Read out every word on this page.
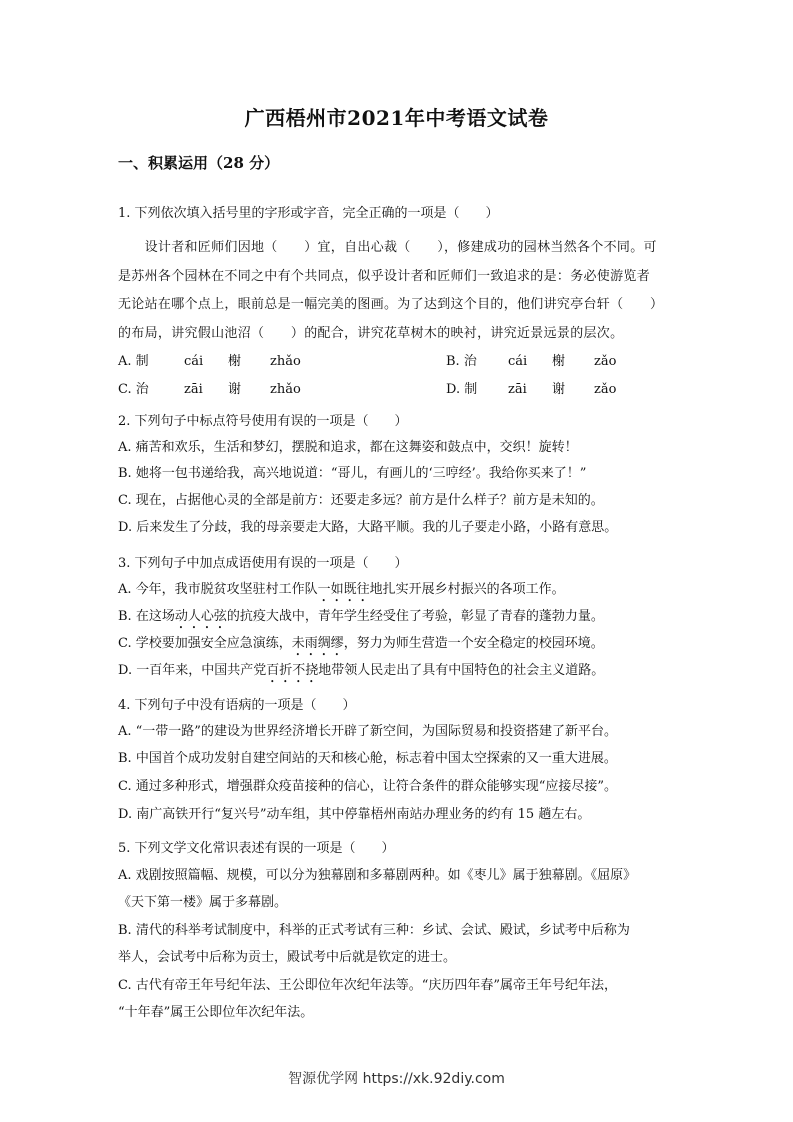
广西梧州市2021年中考语文试卷
一、积累运用（28 分）
1. 下列依次填入括号里的字形或字音，完全正确的一项是（　　）
　　设计者和匠师们因地（　　）宜，自出心裁（　　），修建成功的园林当然各个不同。可
是苏州各个园林在不同之中有个共同点，似乎设计者和匠师们一致追求的是：务必使游览者
无论站在哪个点上，眼前总是一幅完美的图画。为了达到这个目的，他们讲究亭台轩（　　）
的布局，讲究假山池沼（　　）的配合，讲究花草树木的映衬，讲究近景远景的层次。
A. 制	cái 榭 zhǎo	B. 治 cái 榭 zǎo
C. 治	zāi 谢 zhǎo	D. 制 zāi 谢 zǎo
2. 下列句子中标点符号使用有误的一项是（　　）
A. 痛苦和欢乐，生活和梦幻，摆脱和追求，都在这舞姿和鼓点中，交织！旋转！
B. 她将一包书递给我，高兴地说道：“哥儿，有画儿的‘三哼经’。我给你买来了！”
C. 现在，占据他心灵的全部是前方：还要走多远？前方是什么样子？前方是未知的。
D. 后来发生了分歧，我的母亲要走大路，大路平顺。我的儿子要走小路，小路有意思。
3. 下列句子中加点成语使用有误的一项是（　　）
A. 今年，我市脱贫攻坚驻村工作队一如既往地扎实开展乡村振兴的各项工作。
B. 在这场动人心弦的抗疫大战中，青年学生经受住了考验，彰显了青春的蓬勃力量。
C. 学校要加强安全应急演练，未雨绸缪，努力为师生营造一个安全稳定的校园环境。
D. 一百年来，中国共产党百折不挠地带领人民走出了具有中国特色的社会主义道路。
4. 下列句子中没有语病的一项是（　　）
A. “一带一路”的建设为世界经济增长开辟了新空间，为国际贸易和投资搭建了新平台。
B. 中国首个成功发射自建空间站的天和核心舱，标志着中国太空探索的又一重大进展。
C. 通过多种形式，增强群众疫苗接种的信心，让符合条件的群众能够实现“应接尽接”。
D. 南广高铁开行“复兴号”动车组，其中停靠梧州南站办理业务的约有 15 趟左右。
5. 下列文学文化常识表述有误的一项是（　　）
A. 戏剧按照篇幅、规模，可以分为独幕剧和多幕剧两种。如《枣儿》属于独幕剧。《屈原》
《天下第一楼》属于多幕剧。
B. 清代的科举考试制度中，科举的正式考试有三种：乡试、会试、殿试，乡试考中后称为
举人，会试考中后称为贡士，殿试考中后就是钦定的进士。
C. 古代有帝王年号纪年法、王公即位年次纪年法等。“庆历四年春”属帝王年号纪年法，
“十年春”属王公即位年次纪年法。
智源优学网 https://xk.92diy.com
